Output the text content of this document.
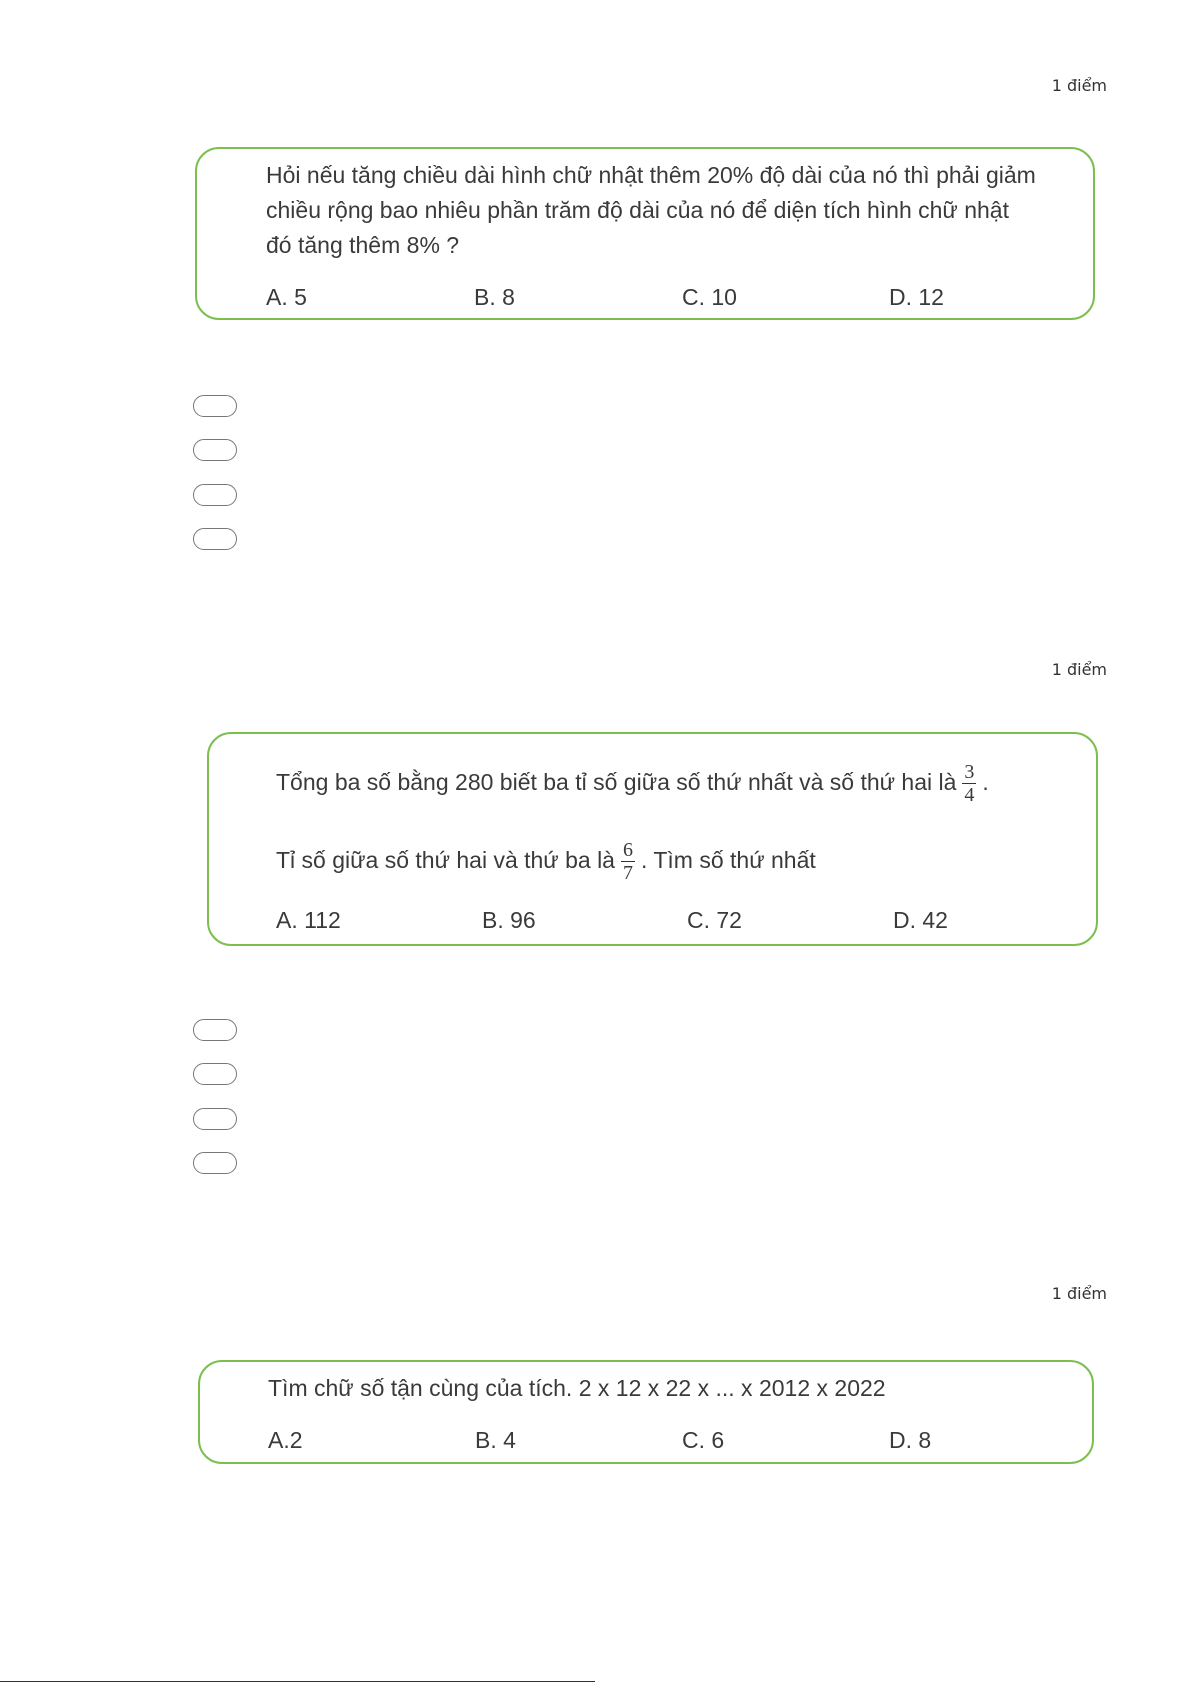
1 điểm
Hỏi nếu tăng chiều dài hình chữ nhật thêm 20% độ dài của nó thì phải giảm
chiều rộng bao nhiêu phần trăm độ dài của nó để diện tích hình chữ nhật
đó tăng thêm 8% ?
A. 5	B. 8	C. 10	D. 12
1 điểm
Tổng ba số bằng 280 biết ba tỉ số giữa số thứ nhất và số thứ hai là $\frac{3}{4}$ .
Tỉ số giữa số thứ hai và thứ ba là $\frac{6}{7}$ . Tìm số thứ nhất
A. 112	B. 96	C. 72	D. 42
1 điểm
Tìm chữ số tận cùng của tích. 2 x 12 x 22 x ... x 2012 x 2022
A.2	B. 4	C. 6	D. 8
